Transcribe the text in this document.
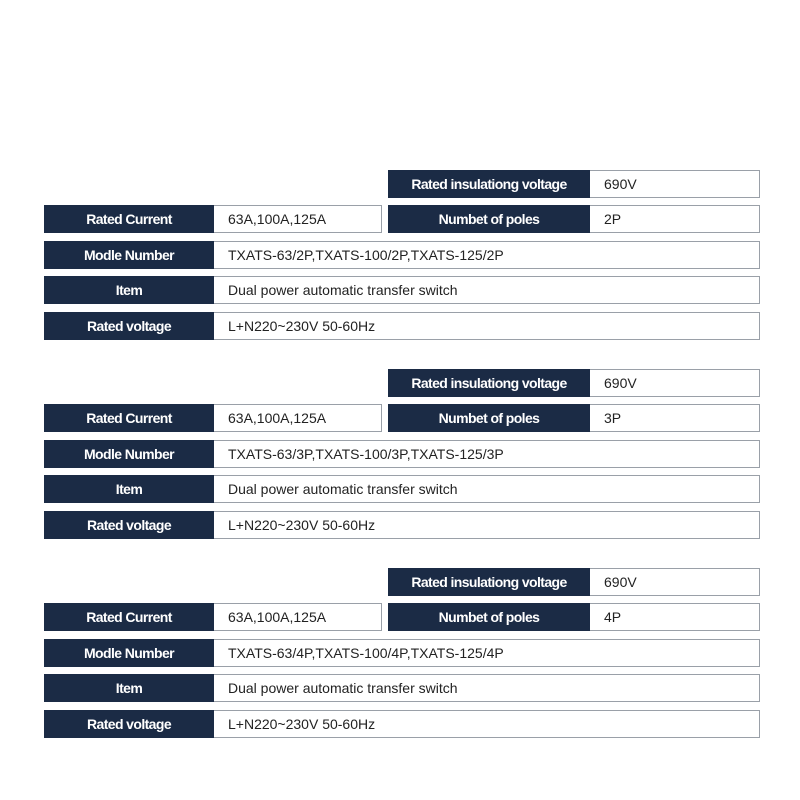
Rated insulationg voltage	690V
Rated Current	63A,100A,125A	Numbet of poles	2P
Modle Number	TXATS-63/2P,TXATS-100/2P,TXATS-125/2P
Item	Dual power automatic transfer switch
Rated voltage	L+N220~230V 50-60Hz
Rated insulationg voltage	690V
Rated Current	63A,100A,125A	Numbet of poles	3P
Modle Number	TXATS-63/3P,TXATS-100/3P,TXATS-125/3P
Item	Dual power automatic transfer switch
Rated voltage	L+N220~230V 50-60Hz
Rated insulationg voltage	690V
Rated Current	63A,100A,125A	Numbet of poles	4P
Modle Number	TXATS-63/4P,TXATS-100/4P,TXATS-125/4P
Item	Dual power automatic transfer switch
Rated voltage	L+N220~230V 50-60Hz
